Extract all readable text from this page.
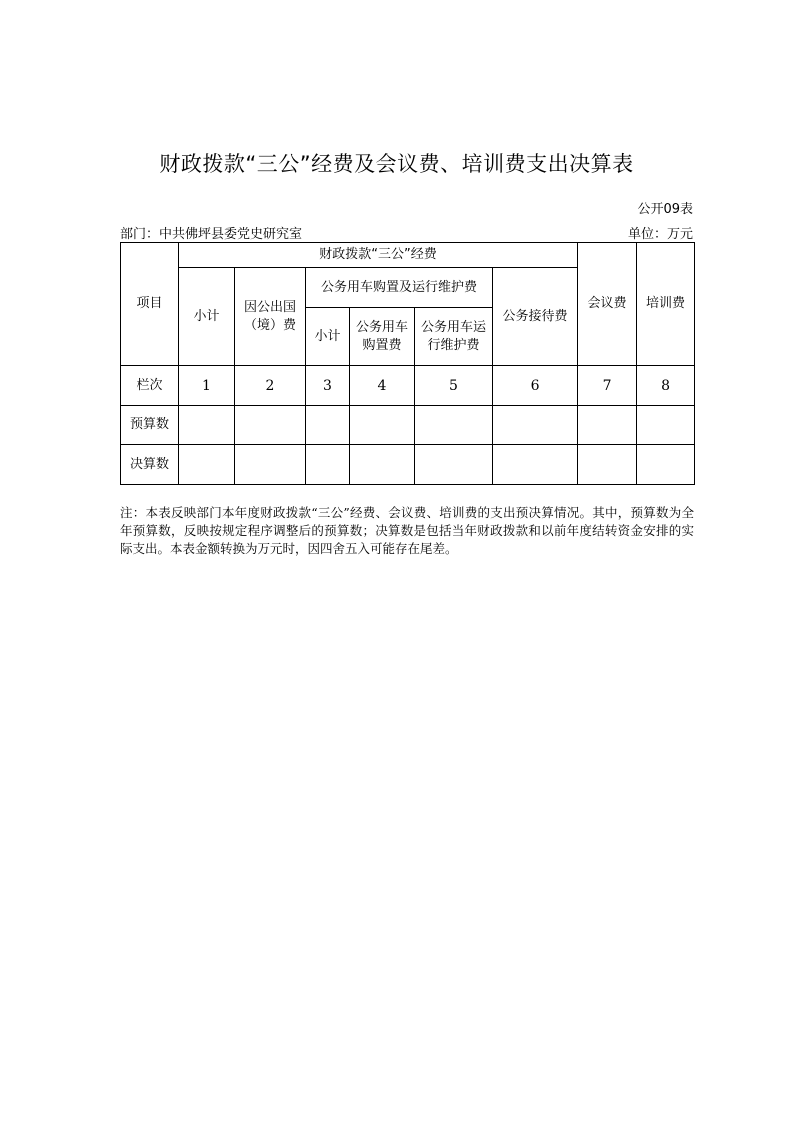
财政拨款“三公”经费及会议费、培训费支出决算表
公开09表
部门：中共佛坪县委党史研究室	单位：万元
项目	财政拨款“三公”经费						会议费	培训费
	小计	因公出国（境）费	公务用车购置及运行维护费			公务接待费		
			小计	公务用车购置费	公务用车运行维护费			
栏次	1	2	3	4	5	6	7	8
预算数								
决算数								
注：本表反映部门本年度财政拨款“三公”经费、会议费、培训费的支出预决算情况。其中，预算数为全年预算数，反映按规定程序调整后的预算数；决算数是包括当年财政拨款和以前年度结转资金安排的实际支出。本表金额转换为万元时，因四舍五入可能存在尾差。
